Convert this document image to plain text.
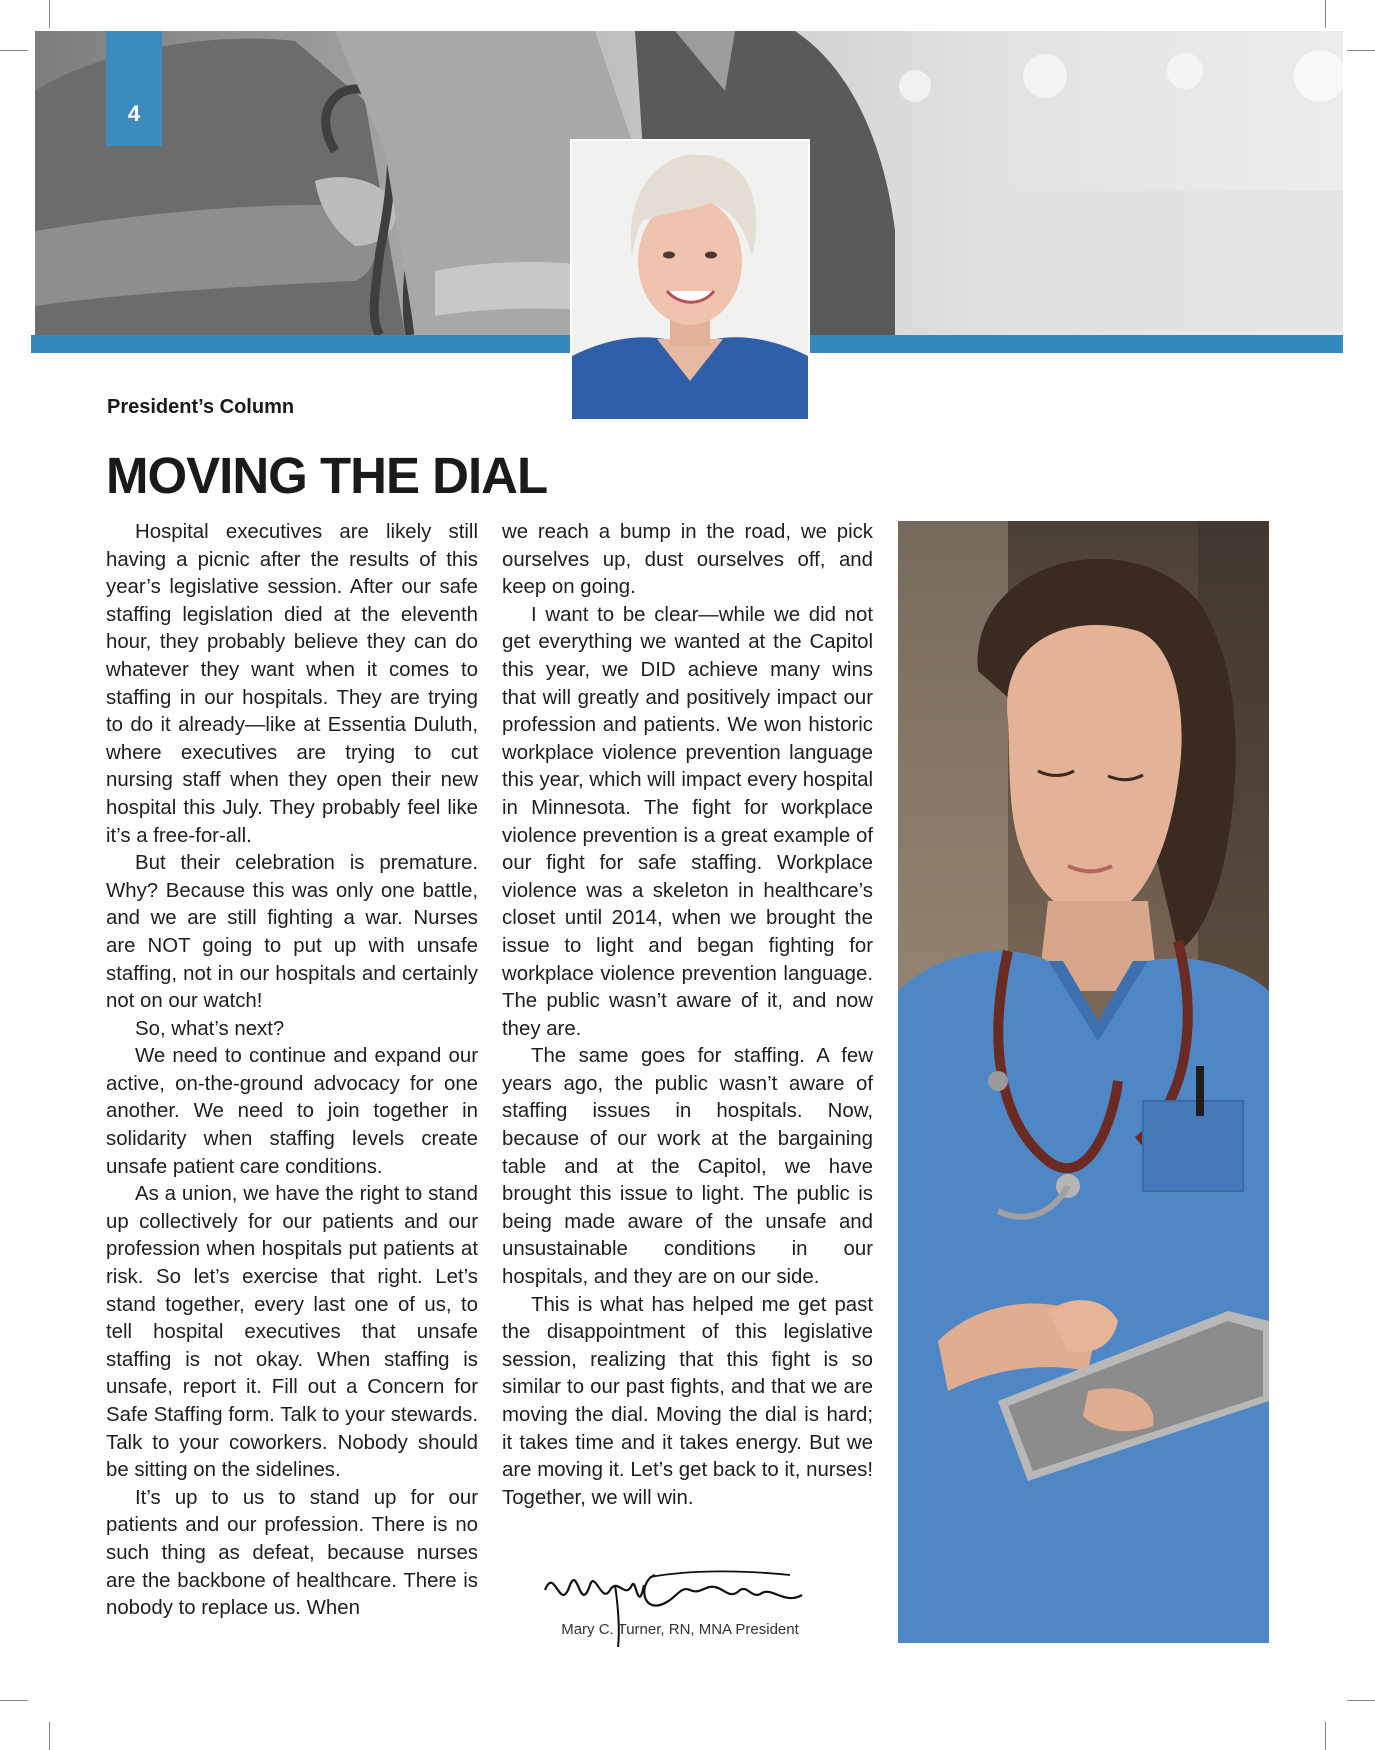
4
President’s Column
MOVING THE DIAL

Hospital executives are likely still having a picnic after the results of this year’s legislative session. After our safe staffing legislation died at the eleventh hour, they probably believe they can do whatever they want when it comes to staffing in our hospitals. They are trying to do it already—like at Essentia Duluth, where executives are trying to cut nursing staff when they open their new hospital this July. They probably feel like it’s a free-for-all.

But their celebration is premature. Why? Because this was only one battle, and we are still fighting a war. Nurses are NOT going to put up with unsafe staffing, not in our hospitals and certainly not on our watch!

So, what’s next?

We need to continue and expand our active, on-the-ground advocacy for one another. We need to join together in solidarity when staffing levels create unsafe patient care conditions.

As a union, we have the right to stand up collectively for our patients and our profession when hospitals put patients at risk. So let’s exercise that right. Let’s stand together, every last one of us, to tell hospital executives that unsafe staffing is not okay. When staffing is unsafe, report it. Fill out a Concern for Safe Staffing form. Talk to your stewards. Talk to your coworkers. Nobody should be sitting on the sidelines.

It’s up to us to stand up for our patients and our profession. There is no such thing as defeat, because nurses are the backbone of healthcare. There is nobody to replace us. When

we reach a bump in the road, we pick ourselves up, dust ourselves off, and keep on going.

I want to be clear—while we did not get everything we wanted at the Capitol this year, we DID achieve many wins that will greatly and positively impact our profession and patients. We won historic workplace violence prevention language this year, which will impact every hospital in Minnesota. The fight for workplace violence prevention is a great example of our fight for safe staffing. Workplace violence was a skeleton in healthcare’s closet until 2014, when we brought the issue to light and began fighting for workplace violence prevention language. The public wasn’t aware of it, and now they are.

The same goes for staffing. A few years ago, the public wasn’t aware of staffing issues in hospitals. Now, because of our work at the bargaining table and at the Capitol, we have brought this issue to light. The public is being made aware of the unsafe and unsustainable conditions in our hospitals, and they are on our side.

This is what has helped me get past the disappointment of this legislative session, realizing that this fight is so similar to our past fights, and that we are moving the dial. Moving the dial is hard; it takes time and it takes energy. But we are moving it. Let’s get back to it, nurses! Together, we will win.

Mary C. Turner, RN, MNA President
